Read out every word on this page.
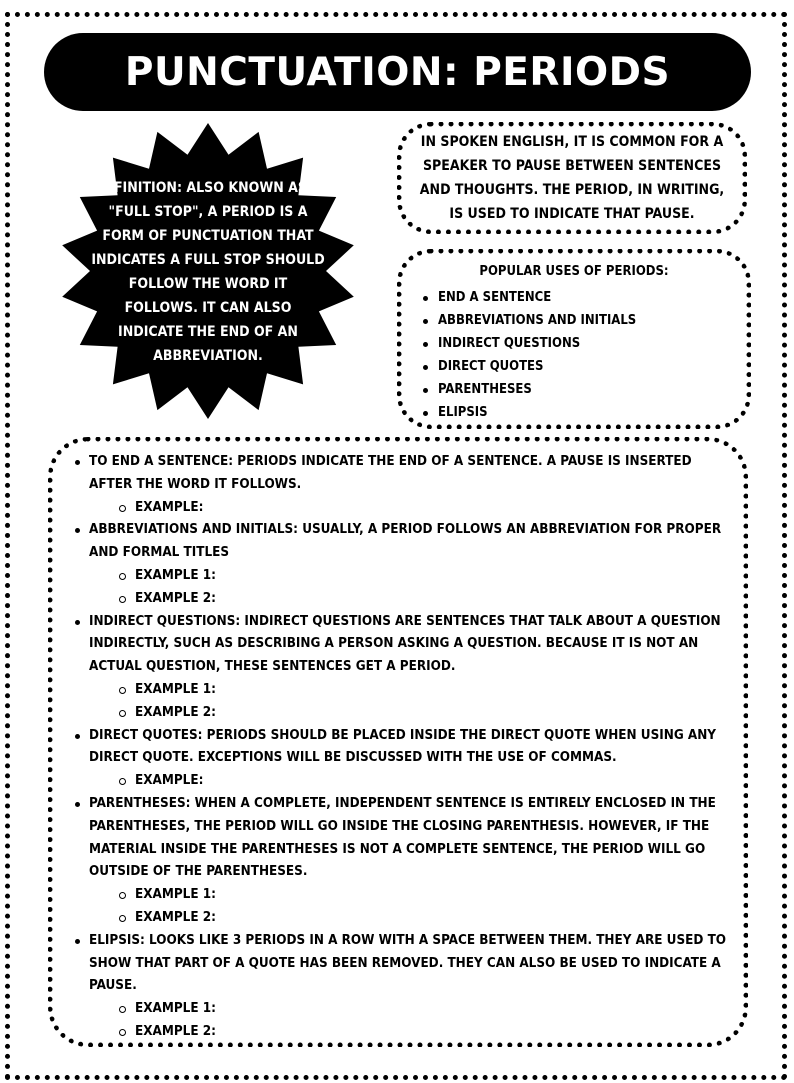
PUNCTUATION: PERIODS
DEFINITION: ALSO KNOWN AS A "FULL STOP", A PERIOD IS A FORM OF PUNCTUATION THAT INDICATES A FULL STOP SHOULD FOLLOW THE WORD IT FOLLOWS. IT CAN ALSO INDICATE THE END OF AN ABBREVIATION.
IN SPOKEN ENGLISH, IT IS COMMON FOR A SPEAKER TO PAUSE BETWEEN SENTENCES AND THOUGHTS. THE PERIOD, IN WRITING, IS USED TO INDICATE THAT PAUSE.
POPULAR USES OF PERIODS:
END A SENTENCE
ABBREVIATIONS AND INITIALS
INDIRECT QUESTIONS
DIRECT QUOTES
PARENTHESES
ELIPSIS
TO END A SENTENCE: PERIODS INDICATE THE END OF A SENTENCE. A PAUSE IS INSERTED AFTER THE WORD IT FOLLOWS.
EXAMPLE:
ABBREVIATIONS AND INITIALS: USUALLY, A PERIOD FOLLOWS AN ABBREVIATION FOR PROPER AND FORMAL TITLES
EXAMPLE 1:
EXAMPLE 2:
INDIRECT QUESTIONS: INDIRECT QUESTIONS ARE SENTENCES THAT TALK ABOUT A QUESTION INDIRECTLY, SUCH AS DESCRIBING A PERSON ASKING A QUESTION. BECAUSE IT IS NOT AN ACTUAL QUESTION, THESE SENTENCES GET A PERIOD.
EXAMPLE 1:
EXAMPLE 2:
DIRECT QUOTES: PERIODS SHOULD BE PLACED INSIDE THE DIRECT QUOTE WHEN USING ANY DIRECT QUOTE. EXCEPTIONS WILL BE DISCUSSED WITH THE USE OF COMMAS.
EXAMPLE:
PARENTHESES: WHEN A COMPLETE, INDEPENDENT SENTENCE IS ENTIRELY ENCLOSED IN THE PARENTHESES, THE PERIOD WILL GO INSIDE THE CLOSING PARENTHESIS. HOWEVER, IF THE MATERIAL INSIDE THE PARENTHESES IS NOT A COMPLETE SENTENCE, THE PERIOD WILL GO OUTSIDE OF THE PARENTHESES.
EXAMPLE 1:
EXAMPLE 2:
ELIPSIS: LOOKS LIKE 3 PERIODS IN A ROW WITH A SPACE BETWEEN THEM. THEY ARE USED TO SHOW THAT PART OF A QUOTE HAS BEEN REMOVED. THEY CAN ALSO BE USED TO INDICATE A PAUSE.
EXAMPLE 1:
EXAMPLE 2:
